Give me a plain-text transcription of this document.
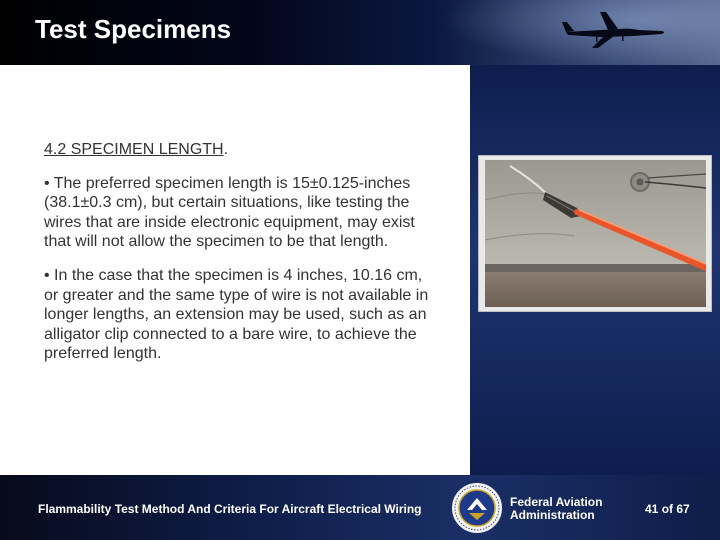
Test Specimens
4.2 SPECIMEN LENGTH.
• The preferred specimen length is 15±0.125-inches (38.1±0.3 cm), but certain situations, like testing the wires that are inside electronic equipment, may exist that will not allow the specimen to be that length.
• In the case that the specimen is 4 inches, 10.16 cm, or greater and the same type of wire is not available in longer lengths, an extension may be used, such as an alligator clip connected to a bare wire, to achieve the preferred length.
Flammability Test Method And Criteria For Aircraft Electrical Wiring	Federal Aviation
Administration	41 of 67
